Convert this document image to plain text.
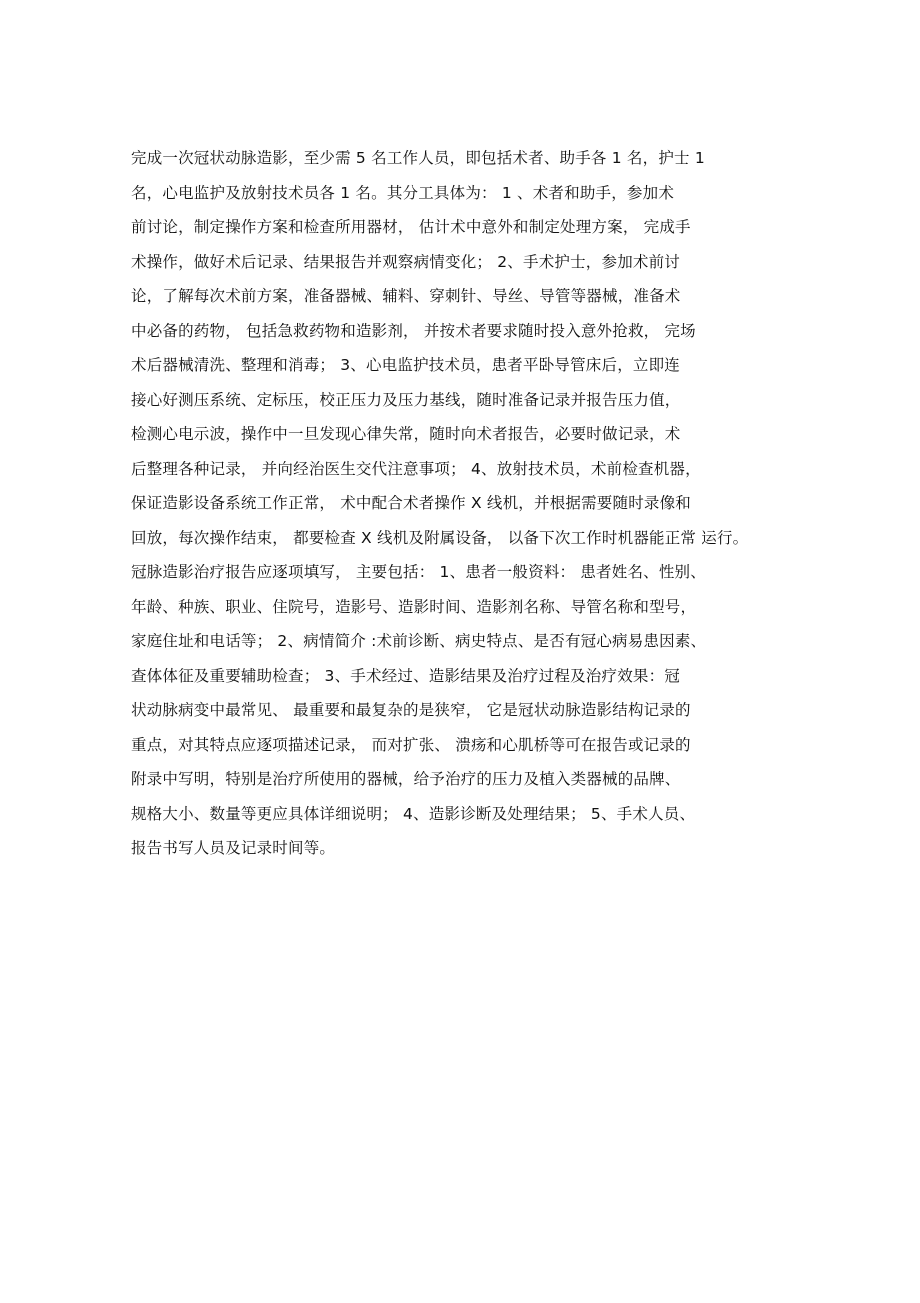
完成一次冠状动脉造影，至少需 5 名工作人员，即包括术者、助手各 1 名，护士 1
名，心电监护及放射技术员各 1 名。其分工具体为： 1 、术者和助手，参加术
前讨论，制定操作方案和检查所用器材， 估计术中意外和制定处理方案， 完成手
术操作，做好术后记录、结果报告并观察病情变化； 2、手术护士，参加术前讨
论，了解每次术前方案，准备器械、辅料、穿刺针、导丝、导管等器械，准备术
中必备的药物， 包括急救药物和造影剂， 并按术者要求随时投入意外抢救， 完场
术后器械清洗、整理和消毒； 3、心电监护技术员，患者平卧导管床后，立即连
接心好测压系统、定标压，校正压力及压力基线，随时准备记录并报告压力值，
检测心电示波，操作中一旦发现心律失常，随时向术者报告，必要时做记录，术
后整理各种记录， 并向经治医生交代注意事项； 4、放射技术员，术前检查机器，
保证造影设备系统工作正常， 术中配合术者操作 X 线机，并根据需要随时录像和
回放，每次操作结束， 都要检查 X 线机及附属设备， 以备下次工作时机器能正常 运行。
冠脉造影治疗报告应逐项填写， 主要包括： 1、患者一般资料： 患者姓名、性别、
年龄、种族、职业、住院号，造影号、造影时间、造影剂名称、导管名称和型号，
家庭住址和电话等； 2、病情简介 :术前诊断、病史特点、是否有冠心病易患因素、
查体体征及重要辅助检查； 3、手术经过、造影结果及治疗过程及治疗效果：冠
状动脉病变中最常见、 最重要和最复杂的是狭窄， 它是冠状动脉造影结构记录的
重点，对其特点应逐项描述记录， 而对扩张、 溃疡和心肌桥等可在报告或记录的
附录中写明，特别是治疗所使用的器械，给予治疗的压力及植入类器械的品牌、
规格大小、数量等更应具体详细说明； 4、造影诊断及处理结果； 5、手术人员、
报告书写人员及记录时间等。
